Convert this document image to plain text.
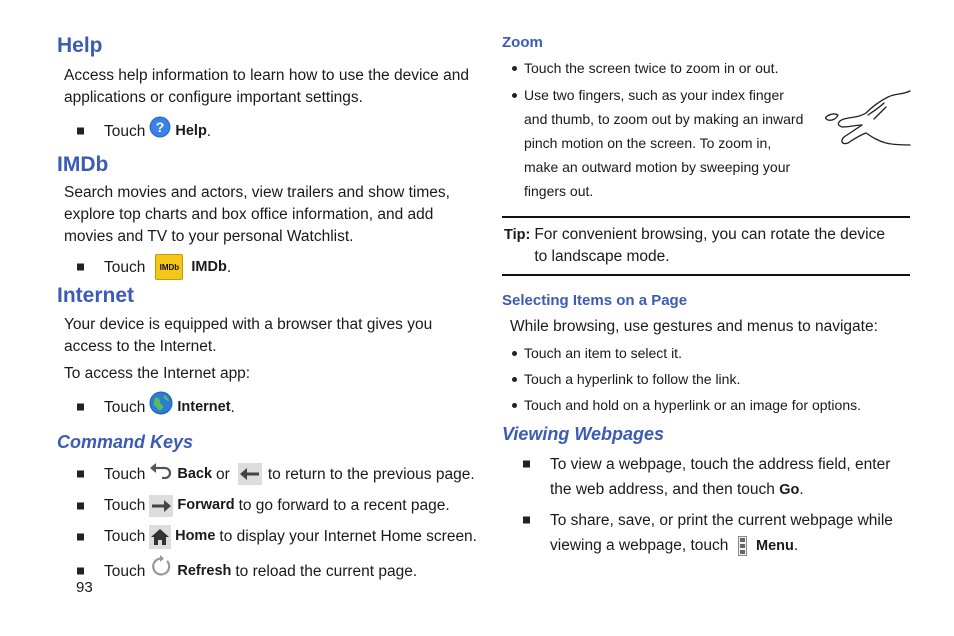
Help

Access help information to learn how to use the device and applications or configure important settings.

Touch ? Help .
IMDb

Search movies and actors, view trailers and show times, explore top charts and box office information, and add movies and TV to your personal Watchlist.

Touch IMDb IMDb .
Internet

Your device is equipped with a browser that gives you access to the Internet.

To access the Internet app:

Touch Internet .
Command Keys
Touch Back or to return to the previous page.
Touch Forward to go forward to a recent page.
Touch Home to display your Internet Home screen.
Touch Refresh to reload the current page.
Zoom
Touch the screen twice to zoom in or out.
Use two fingers, such as your index finger and thumb, to zoom out by making an inward pinch motion on the screen. To zoom in, make an outward motion by sweeping your fingers out.
Tip: For convenient browsing, you can rotate the device to landscape mode.
Selecting Items on a Page

While browsing, use gestures and menus to navigate:

Touch an item to select it.
Touch a hyperlink to follow the link.
Touch and hold on a hyperlink or an image for options.
Viewing Webpages
To view a webpage, touch the address field, enter the web address, and then touch Go.
To share, save, or print the current webpage while viewing a webpage, touch Menu.
93
